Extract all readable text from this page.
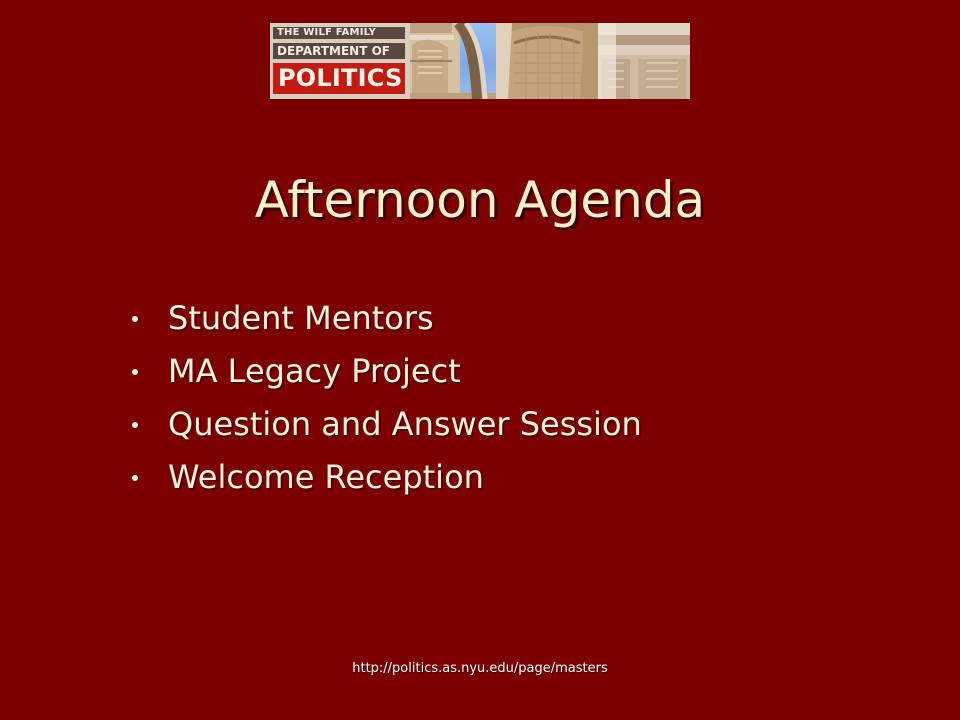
THE WILF FAMILY
DEPARTMENT OF
POLITICS
Afternoon Agenda
Student Mentors
MA Legacy Project
Question and Answer Session
Welcome Reception
http://politics.as.nyu.edu/page/masters
